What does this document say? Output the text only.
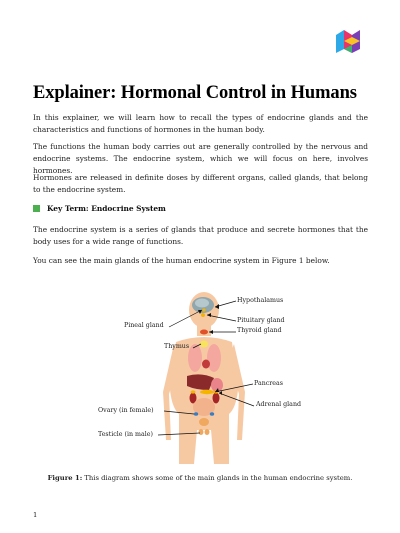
Explainer: Hormonal Control in Humans

In this explainer, we will learn how to recall the types of endocrine glands and the characteristics and functions of hormones in the human body.

The functions the human body carries out are generally controlled by the nervous and endocrine systems. The endocrine system, which we will focus on here, involves hormones.

Hormones are released in definite doses by different organs, called glands, that belong to the endocrine system.

Key Term: Endocrine System

The endocrine system is a series of glands that produce and secrete hormones that the body uses for a wide range of functions.

You can see the main glands of the human endocrine system in Figure 1 below.

Hypothalamus
Pituitary gland
Thyroid gland
Pineal gland
Thymus
Pancreas
Adrenal gland
Ovary (in female)
Testicle (in male)
Figure 1: This diagram shows some of the main glands in the human endocrine system.
1
